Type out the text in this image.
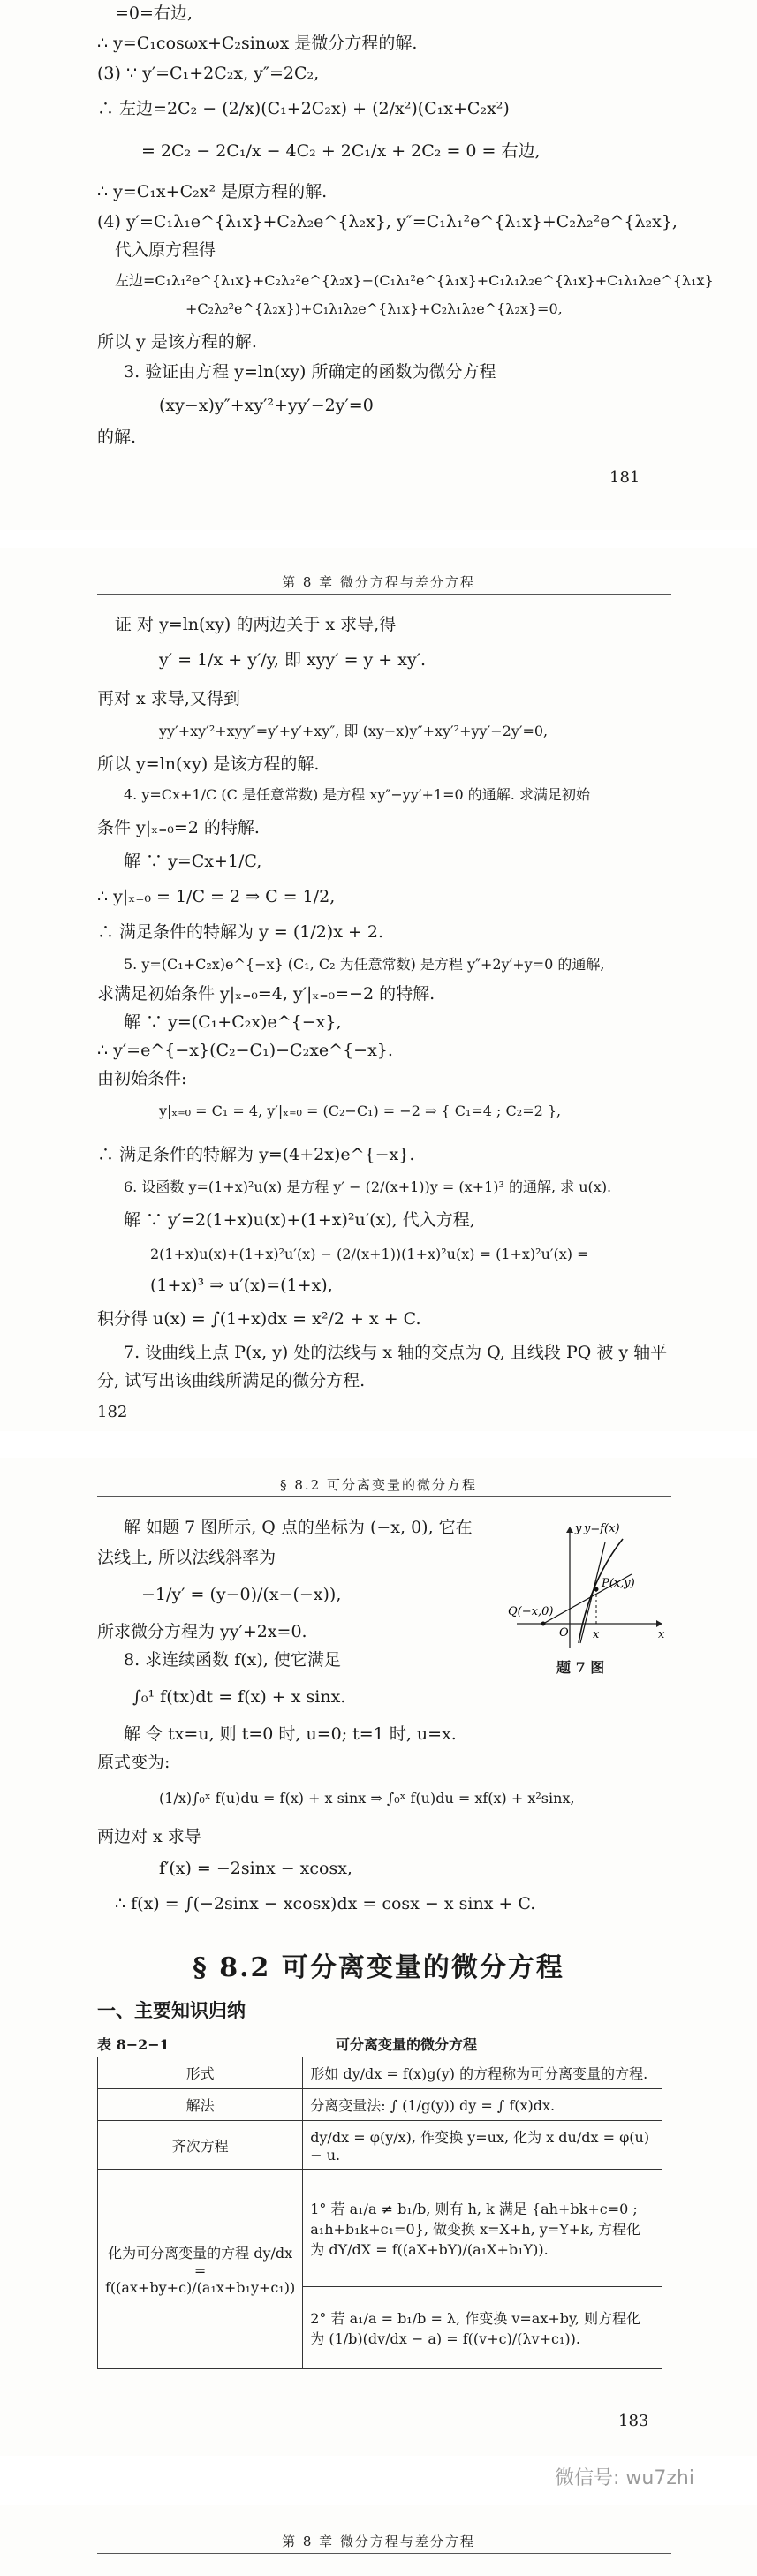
=0=右边,
∴ y=C₁cosωx+C₂sinωx 是微分方程的解.
(3) ∵ y′=C₁+2C₂x, y″=2C₂,
∴ 左边=2C₂ − (2/x)(C₁+2C₂x) + (2/x²)(C₁x+C₂x²)
= 2C₂ − 2C₁/x − 4C₂ + 2C₁/x + 2C₂ = 0 = 右边,
∴ y=C₁x+C₂x² 是原方程的解.
(4) y′=C₁λ₁e^{λ₁x}+C₂λ₂e^{λ₂x}, y″=C₁λ₁²e^{λ₁x}+C₂λ₂²e^{λ₂x},
代入原方程得
左边=C₁λ₁²e^{λ₁x}+C₂λ₂²e^{λ₂x}−(C₁λ₁²e^{λ₁x}+C₁λ₁λ₂e^{λ₁x}+C₁λ₁λ₂e^{λ₁x}
+C₂λ₂²e^{λ₂x})+C₁λ₁λ₂e^{λ₁x}+C₂λ₁λ₂e^{λ₂x}=0,
所以 y 是该方程的解.
3. 验证由方程 y=ln(xy) 所确定的函数为微分方程
(xy−x)y″+xy′²+yy′−2y′=0
的解.
181
第 8 章 微分方程与差分方程
证 对 y=ln(xy) 的两边关于 x 求导,得
y′ = 1/x + y′/y, 即 xyy′ = y + xy′.
再对 x 求导,又得到
yy′+xy′²+xyy″=y′+y′+xy″, 即 (xy−x)y″+xy′²+yy′−2y′=0,
所以 y=ln(xy) 是该方程的解.
4. y=Cx+1/C (C 是任意常数) 是方程 xy″−yy′+1=0 的通解. 求满足初始
条件 y|ₓ₌₀=2 的特解.
解 ∵ y=Cx+1/C,
∴ y|ₓ₌₀ = 1/C = 2 ⇒ C = 1/2,
∴ 满足条件的特解为 y = (1/2)x + 2.
5. y=(C₁+C₂x)e^{−x} (C₁, C₂ 为任意常数) 是方程 y″+2y′+y=0 的通解,
求满足初始条件 y|ₓ₌₀=4, y′|ₓ₌₀=−2 的特解.
解 ∵ y=(C₁+C₂x)e^{−x},
∴ y′=e^{−x}(C₂−C₁)−C₂xe^{−x}.
由初始条件:
y|ₓ₌₀ = C₁ = 4, y′|ₓ₌₀ = (C₂−C₁) = −2 ⇒ { C₁=4 ; C₂=2 },
∴ 满足条件的特解为 y=(4+2x)e^{−x}.
6. 设函数 y=(1+x)²u(x) 是方程 y′ − (2/(x+1))y = (x+1)³ 的通解, 求 u(x).
解 ∵ y′=2(1+x)u(x)+(1+x)²u′(x), 代入方程,
2(1+x)u(x)+(1+x)²u′(x) − (2/(x+1))(1+x)²u(x) = (1+x)²u′(x) =
(1+x)³ ⇒ u′(x)=(1+x),
积分得 u(x) = ∫(1+x)dx = x²/2 + x + C.
7. 设曲线上点 P(x, y) 处的法线与 x 轴的交点为 Q, 且线段 PQ 被 y 轴平
分, 试写出该曲线所满足的微分方程.
182
§ 8.2 可分离变量的微分方程
解 如题 7 图所示, Q 点的坐标为 (−x, 0), 它在
法线上, 所以法线斜率为
−1/y′ = (y−0)/(x−(−x)),
所求微分方程为 yy′+2x=0.
8. 求连续函数 f(x), 使它满足
∫₀¹ f(tx)dt = f(x) + x sinx.
解 令 tx=u, 则 t=0 时, u=0; t=1 时, u=x.
原式变为:
(1/x)∫₀ˣ f(u)du = f(x) + x sinx ⇒ ∫₀ˣ f(u)du = xf(x) + x²sinx,
两边对 x 求导
f′(x) = −2sinx − xcosx,
∴ f(x) = ∫(−2sinx − xcosx)dx = cosx − x sinx + C.
y y=f(x)
P(x,y)
Q(−x,0)
O x	x
题 7 图
§ 8.2 可分离变量的微分方程
一、主要知识归纳
表 8−2−1	可分离变量的微分方程
形式	形如 dy/dx = f(x)g(y) 的方程称为可分离变量的方程.
解法	分离变量法: ∫ (1/g(y)) dy = ∫ f(x)dx.
齐次方程	dy/dx = φ(y/x), 作变换 y=ux, 化为 x du/dx = φ(u) − u.
化为可分离变量的方程 dy/dx = f((ax+by+c)/(a₁x+b₁y+c₁))	1° 若 a₁/a ≠ b₁/b, 则有 h, k 满足 {ah+bk+c=0 ; a₁h+b₁k+c₁=0}, 做变换 x=X+h, y=Y+k, 方程化为 dY/dX = f((aX+bY)/(a₁X+b₁Y)).
	2° 若 a₁/a = b₁/b = λ, 作变换 v=ax+by, 则方程化为 (1/b)(dv/dx − a) = f((v+c)/(λv+c₁)).
183
微信号: wu7zhi
第 8 章 微分方程与差分方程
